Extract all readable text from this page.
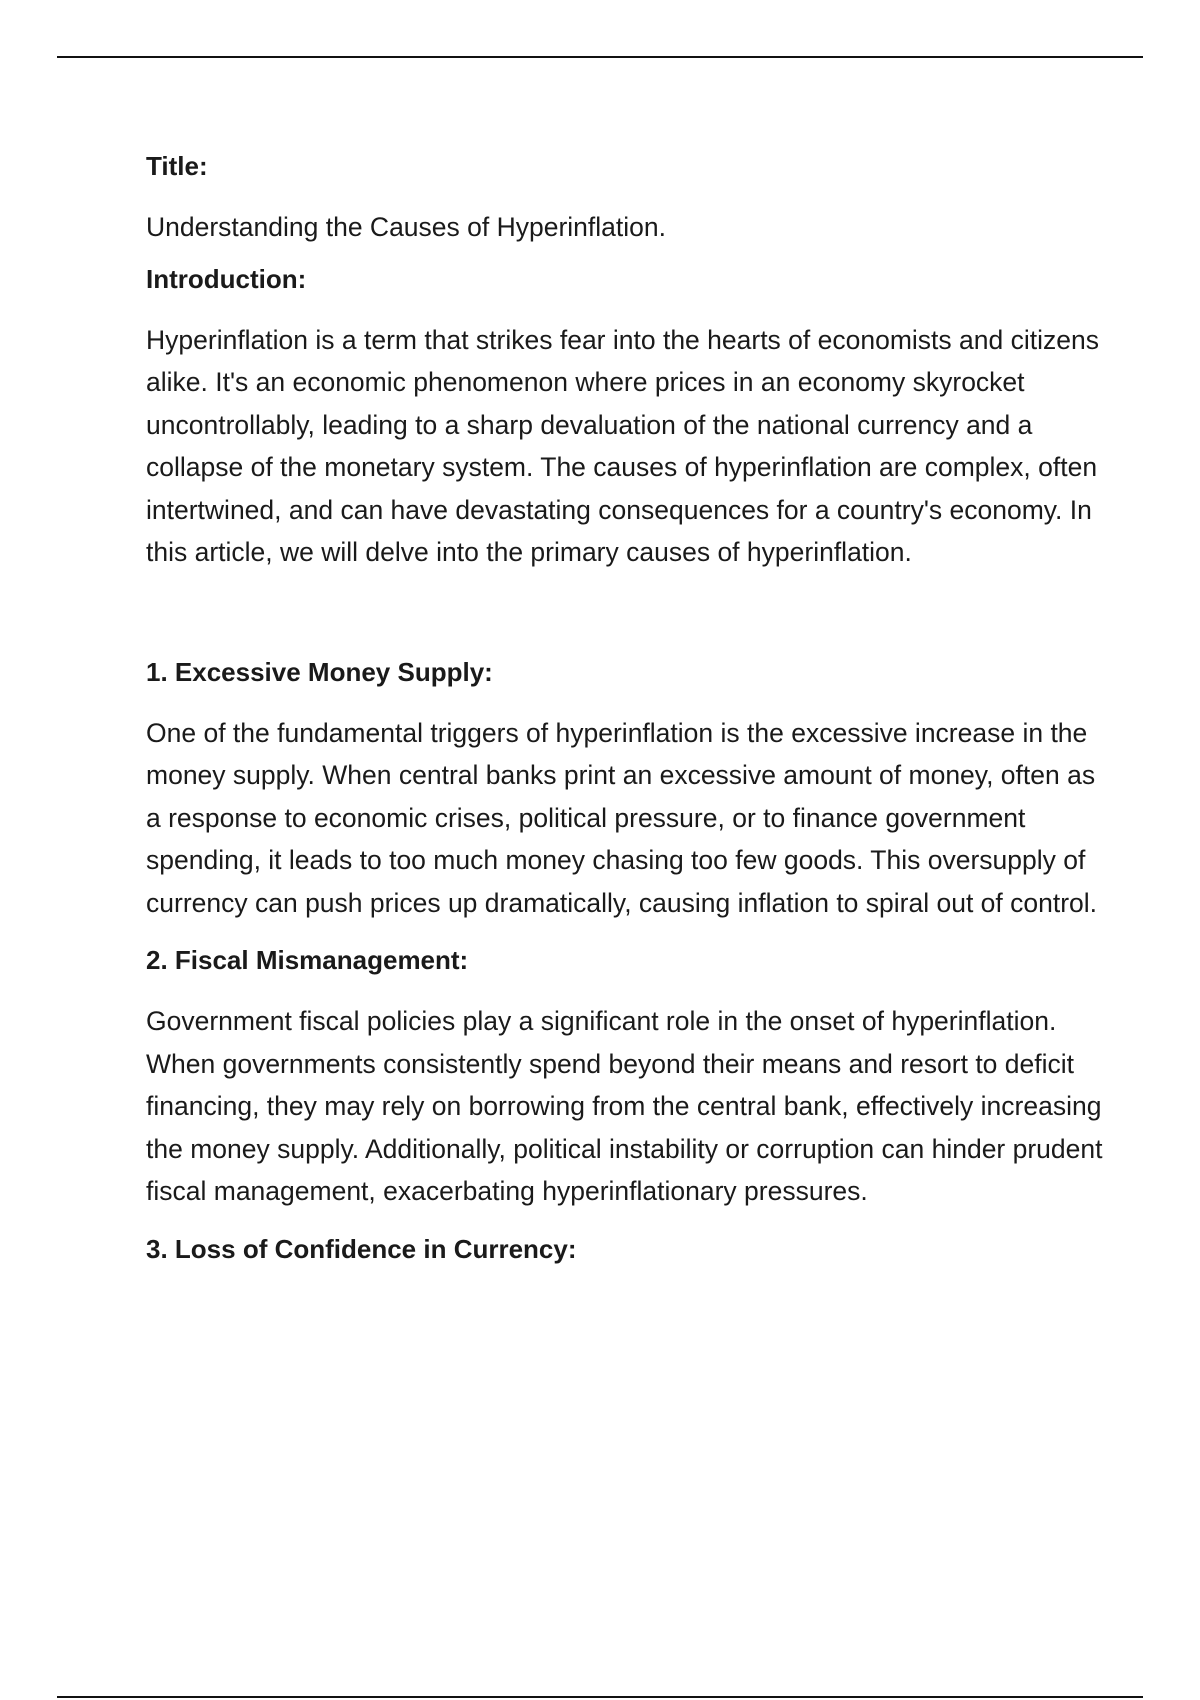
Title:
Understanding the Causes of Hyperinflation.
Introduction:
Hyperinflation is a term that strikes fear into the hearts of economists and citizens alike. It's an economic phenomenon where prices in an economy skyrocket uncontrollably, leading to a sharp devaluation of the national currency and a collapse of the monetary system. The causes of hyperinflation are complex, often intertwined, and can have devastating consequences for a country's economy. In this article, we will delve into the primary causes of hyperinflation.
1. Excessive Money Supply:
One of the fundamental triggers of hyperinflation is the excessive increase in the money supply. When central banks print an excessive amount of money, often as a response to economic crises, political pressure, or to finance government spending, it leads to too much money chasing too few goods. This oversupply of currency can push prices up dramatically, causing inflation to spiral out of control.
2. Fiscal Mismanagement:
Government fiscal policies play a significant role in the onset of hyperinflation. When governments consistently spend beyond their means and resort to deficit financing, they may rely on borrowing from the central bank, effectively increasing the money supply. Additionally, political instability or corruption can hinder prudent fiscal management, exacerbating hyperinflationary pressures.
3. Loss of Confidence in Currency:
